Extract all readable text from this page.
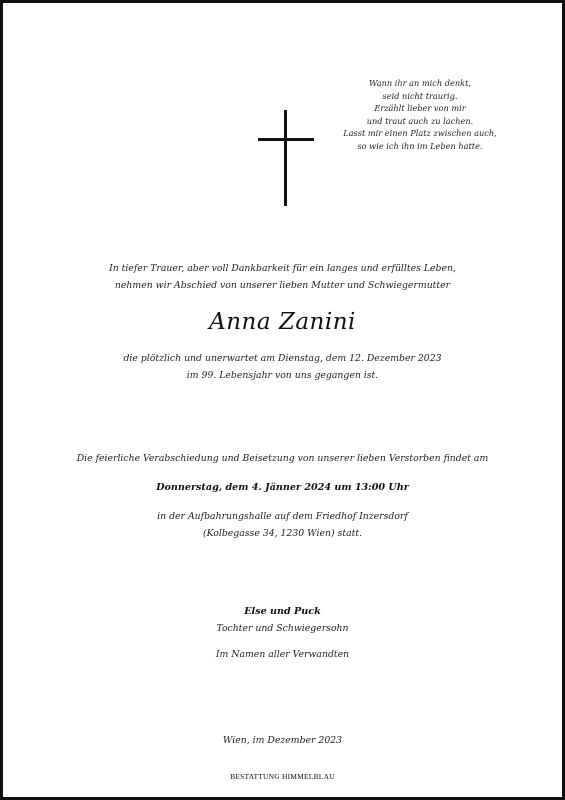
Wann ihr an mich denkt,
seid nicht traurig.
Erzählt lieber von mir
und traut auch zu lachen.
Lasst mir einen Platz zwischen auch,
so wie ich ihn im Leben hatte.
In tiefer Trauer, aber voll Dankbarkeit für ein langes und erfülltes Leben,
nehmen wir Abschied von unserer lieben Mutter und Schwiegermutter
Anna Zanini
die plötzlich und unerwartet am Dienstag, dem 12. Dezember 2023
im 99. Lebensjahr von uns gegangen ist.
Die feierliche Verabschiedung und Beisetzung von unserer lieben Verstorben findet am
Donnerstag, dem 4. Jänner 2024 um 13:00 Uhr
in der Aufbahrungshalle auf dem Friedhof Inzersdorf
(Kolbegasse 34, 1230 Wien) statt.
Else und Puck
Tochter und Schwiegersohn
Im Namen aller Verwandten
Wien, im Dezember 2023
BESTATTUNG HIMMELBLAU
